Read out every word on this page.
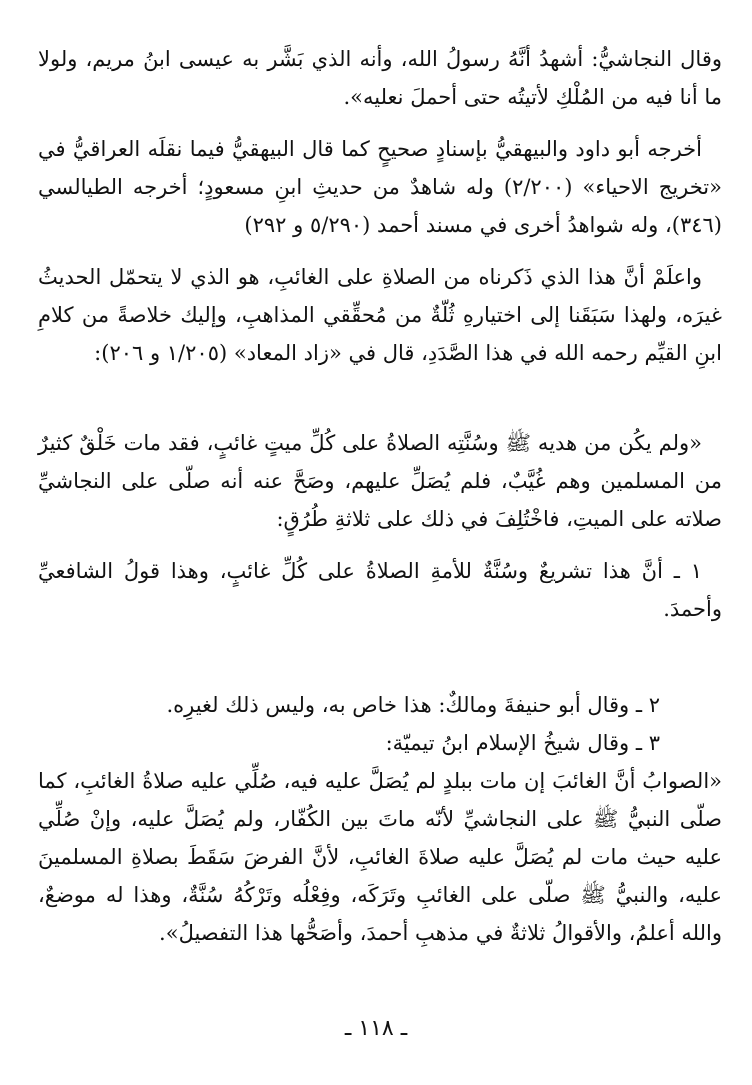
وقال النجاشيُّ: أشهدُ أنَّهُ رسولُ الله، وأنه الذي بَشَّر به عيسى ابنُ مريم، ولولا ما أنا فيه من المُلْكِ لأتيتُه حتى أحملَ نعليه».

أخرجه أبو داود والبيهقيُّ بإسنادٍ صحيحٍ كما قال البيهقيُّ فيما نقلَه العراقيُّ في «تخريج الاحياء» (٢/٢٠٠) وله شاهدٌ من حديثِ ابنِ مسعودٍ؛ أخرجه الطيالسي (٣٤٦)، وله شواهدُ أخرى في مسند أحمد (٥/٢٩٠ و ٢٩٢)

واعلَمْ أنَّ هذا الذي ذَكرناه من الصلاةِ على الغائبِ، هو الذي لا يتحمّل الحديثُ غيرَه، ولهذا سَبَقَنا إلى اختيارهِ ثُلّةٌ من مُحقِّقي المذاهبِ، وإليك خلاصةً من كلامِ ابنِ القيِّم رحمه الله في هذا الصَّدَدِ، قال في «زاد المعاد» (١/٢٠٥ و ٢٠٦):

«ولم يكُن من هديه ﷺ وسُنَّتِه الصلاةُ على كُلِّ ميتٍ غائبٍ، فقد مات خَلْقٌ كثيرٌ من المسلمين وهم غُيَّبٌ، فلم يُصَلِّ عليهم، وصَحَّ عنه أنه صلّى على النجاشيِّ صلاته على الميتِ، فاخْتُلِفَ في ذلك على ثلاثةِ طُرُقٍ:

١ ـ أنَّ هذا تشريعٌ وسُنَّةٌ للأمةِ الصلاةُ على كُلِّ غائبٍ، وهذا قولُ الشافعيِّ وأحمدَ.

٢ ـ وقال أبو حنيفةَ ومالكٌ: هذا خاص به، وليس ذلك لغيرِه.

٣ ـ وقال شيخُ الإسلام ابنُ تيميّة:

«الصوابُ أنَّ الغائبَ إن مات ببلدٍ لم يُصَلَّ عليه فيه، صُلِّي عليه صلاةُ الغائبِ، كما صلّى النبيُّ ﷺ على النجاشيِّ لأنّه ماتَ بين الكُفّار، ولم يُصَلَّ عليه، وإنْ صُلِّي عليه حيث مات لم يُصَلَّ عليه صلاةَ الغائبِ، لأنَّ الفرضَ سَقَطَ بصلاةِ المسلمينَ عليه، والنبيُّ ﷺ صلّى على الغائبِ وتَرَكَه، وفِعْلُه وتَرْكُهُ سُنَّةٌ، وهذا له موضعٌ، والله أعلمُ، والأقوالُ ثلاثةٌ في مذهبِ أحمدَ، وأصَحُّها هذا التفصيلُ».

ـ ١١٨ ـ
